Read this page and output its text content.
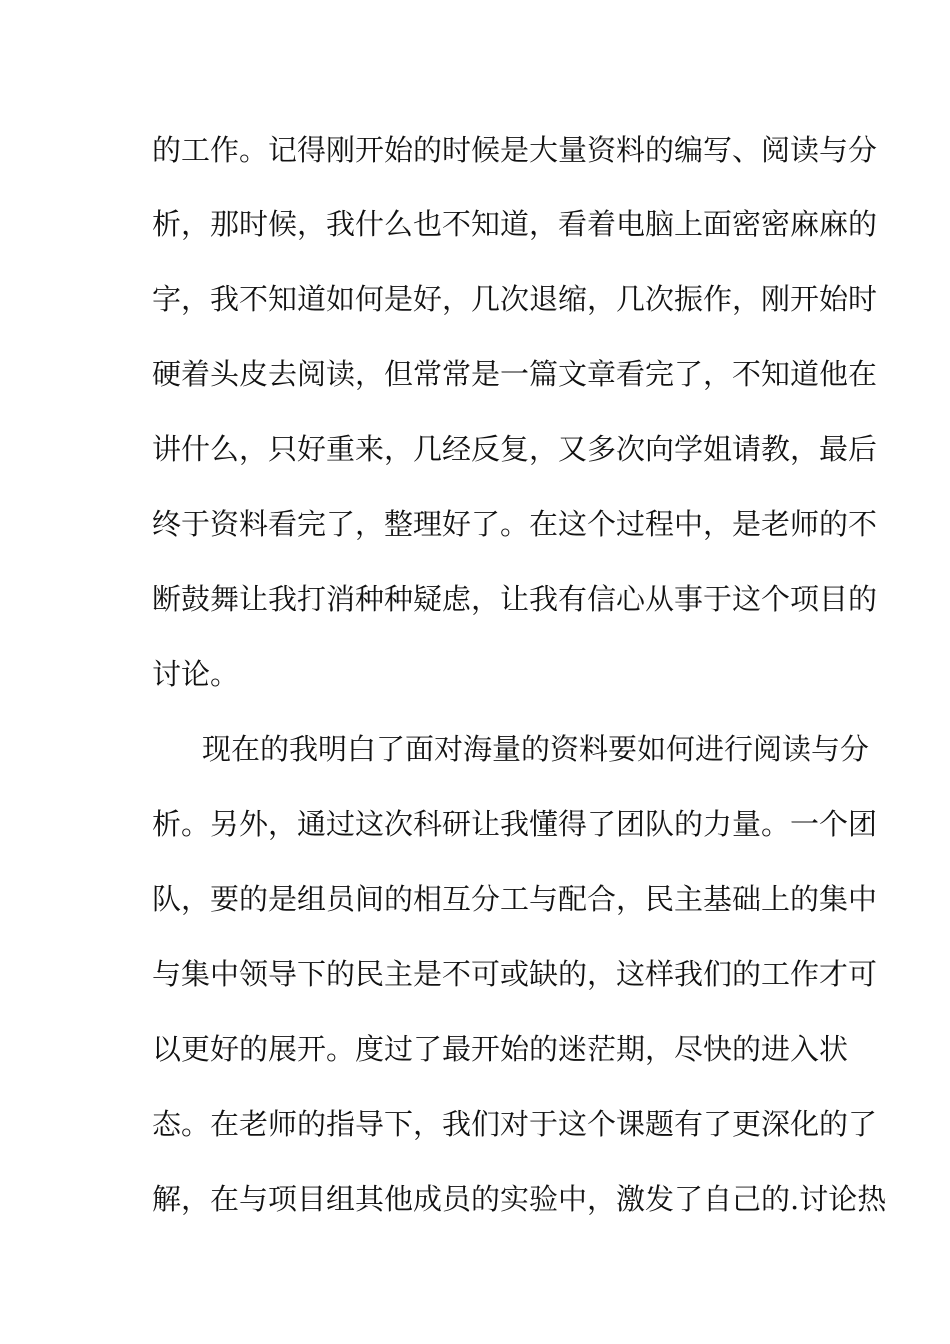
的工作。记得刚开始的时候是大量资料的编写、阅读与分
析，那时候，我什么也不知道，看着电脑上面密密麻麻的
字，我不知道如何是好，几次退缩，几次振作，刚开始时
硬着头皮去阅读，但常常是一篇文章看完了，不知道他在
讲什么，只好重来，几经反复，又多次向学姐请教，最后
终于资料看完了，整理好了。在这个过程中，是老师的不
断鼓舞让我打消种种疑虑，让我有信心从事于这个项目的
讨论。
现在的我明白了面对海量的资料要如何进行阅读与分
析。另外，通过这次科研让我懂得了团队的力量。一个团
队，要的是组员间的相互分工与配合，民主基础上的集中
与集中领导下的民主是不可或缺的，这样我们的工作才可
以更好的展开。度过了最开始的迷茫期，尽快的进入状
态。在老师的指导下，我们对于这个课题有了更深化的了
解，在与项目组其他成员的实验中，激发了自己的.讨论热
